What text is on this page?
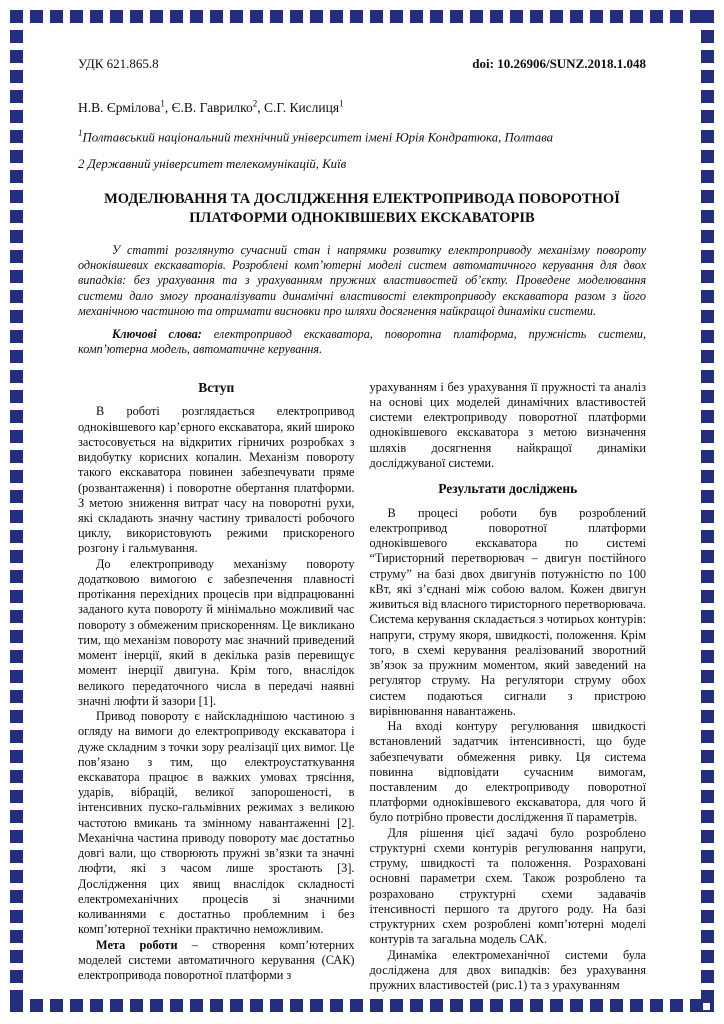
УДК 621.865.8	doi: 10.26906/SUNZ.2018.1.048
Н.В. Єрмілова$^1$, Є.В. Гаврилко$^2$, С.Г. Кислиця$^1$
$^1$Полтавський національний технічний університет імені Юрія Кондратюка, Полтава
2 Державний університет телекомунікацій, Київ
МОДЕЛЮВАННЯ ТА ДОСЛІДЖЕННЯ ЕЛЕКТРОПРИВОДА ПОВОРОТНОЇ
ПЛАТФОРМИ ОДНОКІВШЕВИХ ЕКСКАВАТОРІВ
У статті розглянуто сучасний стан і напрямки розвитку електроприводу механізму повороту одноківшевих екскаваторів. Розроблені комп’ютерні моделі систем автоматичного керування для двох випадків: без урахування та з урахуванням пружних властивостей об’єкту. Проведене моделювання системи дало змогу проаналізувати динамічні властивості електроприводу екскаватора разом з його механічною частиною та отримати висновки про шляхи досягнення найкращої динаміки системи.
Ключові слова: електропривод екскаватора, поворотна платформа, пружність системи, комп’ютерна модель, автоматичне керування.
Вступ

В роботі розглядається електропривод одноківшевого кар’єрного екскаватора, який широко застосовується на відкритих гірничих розробках з видобутку корисних копалин. Механізм повороту такого екскаватора повинен забезпечувати пряме (розвантаження) і поворотне обертання платформи. З метою зниження витрат часу на поворотні рухи, які складають значну частину тривалості робочого циклу, використовують режими прискореного розгону і гальмування.

До електроприводу механізму повороту додатковою вимогою є забезпечення плавності протікання перехідних процесів при відпрацюванні заданого кута повороту й мінімально можливий час повороту з обмеженим прискоренням. Це викликано тим, що механізм повороту має значний приведений момент інерції, який в декілька разів перевищує момент інерції двигуна. Крім того, внаслідок великого передаточного числа в передачі наявні значні люфти й зазори [1].

Привод повороту є найскладнішою частиною з огляду на вимоги до електроприводу екскаватора і дуже складним з точки зору реалізації цих вимог. Це пов’язано з тим, що електроустаткування екскаватора працює в важких умовах трясіння, ударів, вібрацій, великої запорошеності, в інтенсивних пуско-гальмівних режимах з великою частотою вмикань та змінному навантаженні [2]. Механічна частина приводу повороту має достатньо довгі вали, що створюють пружні зв’язки та значні люфти, які з часом лише зростають [3]. Дослідження цих явищ внаслідок складності електромеханічних процесів зі значними коливаннями є достатньо проблемним і без комп’ютерної техніки практично неможливим.

Мета роботи – створення комп’ютерних моделей системи автоматичного керування (САК) електропривода поворотної платформи з

урахуванням і без урахування її пружності та аналіз на основі цих моделей динамічних властивостей системи електроприводу поворотної платформи одноківшевого екскаватора з метою визначення шляхів досягнення найкращої динаміки досліджуваної системи.

Результати досліджень

В процесі роботи був розроблений електропривод поворотної платформи одноківшевого екскаватора по системі “Тиристорний перетворювач – двигун постійного струму” на базі двох двигунів потужністю по 100 кВт, які з’єднані між собою валом. Кожен двигун живиться від власного тиристорного перетворювача. Система керування складається з чотирьох контурів: напруги, струму якоря, швидкості, положення. Крім того, в схемі керування реалізований зворотний зв’язок за пружним моментом, який заведений на регулятор струму. На регулятори струму обох систем подаються сигнали з пристрою вирівнювання навантажень.

На вході контуру регулювання швидкості встановлений задатчик інтенсивності, що буде забезпечувати обмеження ривку. Ця система повинна відповідати сучасним вимогам, поставленим до електроприводу поворотної платформи одноківшевого екскаватора, для чого й було потрібно провести дослідження її параметрів.

Для рішення цієї задачі було розроблено структурні схеми контурів регулювання напруги, струму, швидкості та положення. Розраховані основні параметри схем. Також розроблено та розраховано структурні схеми задавачів ітенсивності першого та другого роду. На базі структурних схем розроблені комп’ютерні моделі контурів та загальна модель САК.

Динаміка електромеханічної системи була досліджена для двох випадків: без урахування пружних властивостей (рис.1) та з урахуванням
